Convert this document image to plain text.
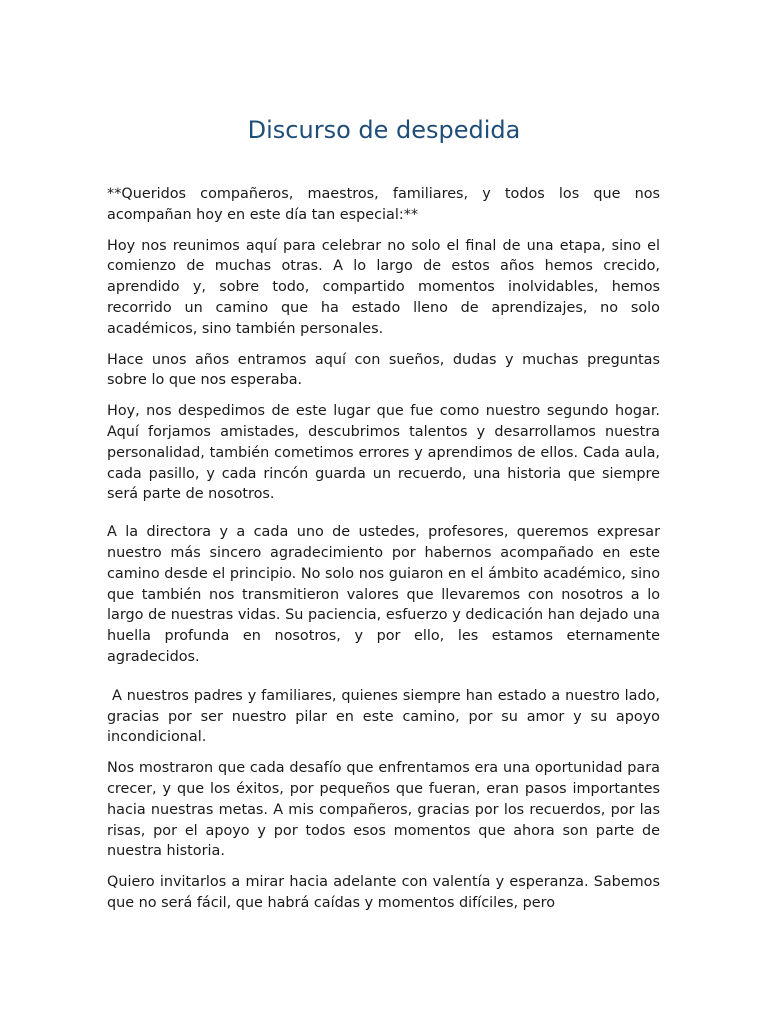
Discurso de despedida

**Queridos compañeros, maestros, familiares, y todos los que nos acompañan hoy en este día tan especial:**

Hoy nos reunimos aquí para celebrar no solo el final de una etapa, sino el comienzo de muchas otras. A lo largo de estos años hemos crecido, aprendido y, sobre todo, compartido momentos inolvidables, hemos recorrido un camino que ha estado lleno de aprendizajes, no solo académicos, sino también personales.

Hace unos años entramos aquí con sueños, dudas y muchas preguntas sobre lo que nos esperaba.

Hoy, nos despedimos de este lugar que fue como nuestro segundo hogar. Aquí forjamos amistades, descubrimos talentos y desarrollamos nuestra personalidad, también cometimos errores y aprendimos de ellos. Cada aula, cada pasillo, y cada rincón guarda un recuerdo, una historia que siempre será parte de nosotros.

A la directora y a cada uno de ustedes, profesores, queremos expresar nuestro más sincero agradecimiento por habernos acompañado en este camino desde el principio. No solo nos guiaron en el ámbito académico, sino que también nos transmitieron valores que llevaremos con nosotros a lo largo de nuestras vidas. Su paciencia, esfuerzo y dedicación han dejado una huella profunda en nosotros, y por ello, les estamos eternamente agradecidos.

A nuestros padres y familiares, quienes siempre han estado a nuestro lado, gracias por ser nuestro pilar en este camino, por su amor y su apoyo incondicional.

Nos mostraron que cada desafío que enfrentamos era una oportunidad para crecer, y que los éxitos, por pequeños que fueran, eran pasos importantes hacia nuestras metas. A mis compañeros, gracias por los recuerdos, por las risas, por el apoyo y por todos esos momentos que ahora son parte de nuestra historia.

Quiero invitarlos a mirar hacia adelante con valentía y esperanza. Sabemos que no será fácil, que habrá caídas y momentos difíciles, pero
